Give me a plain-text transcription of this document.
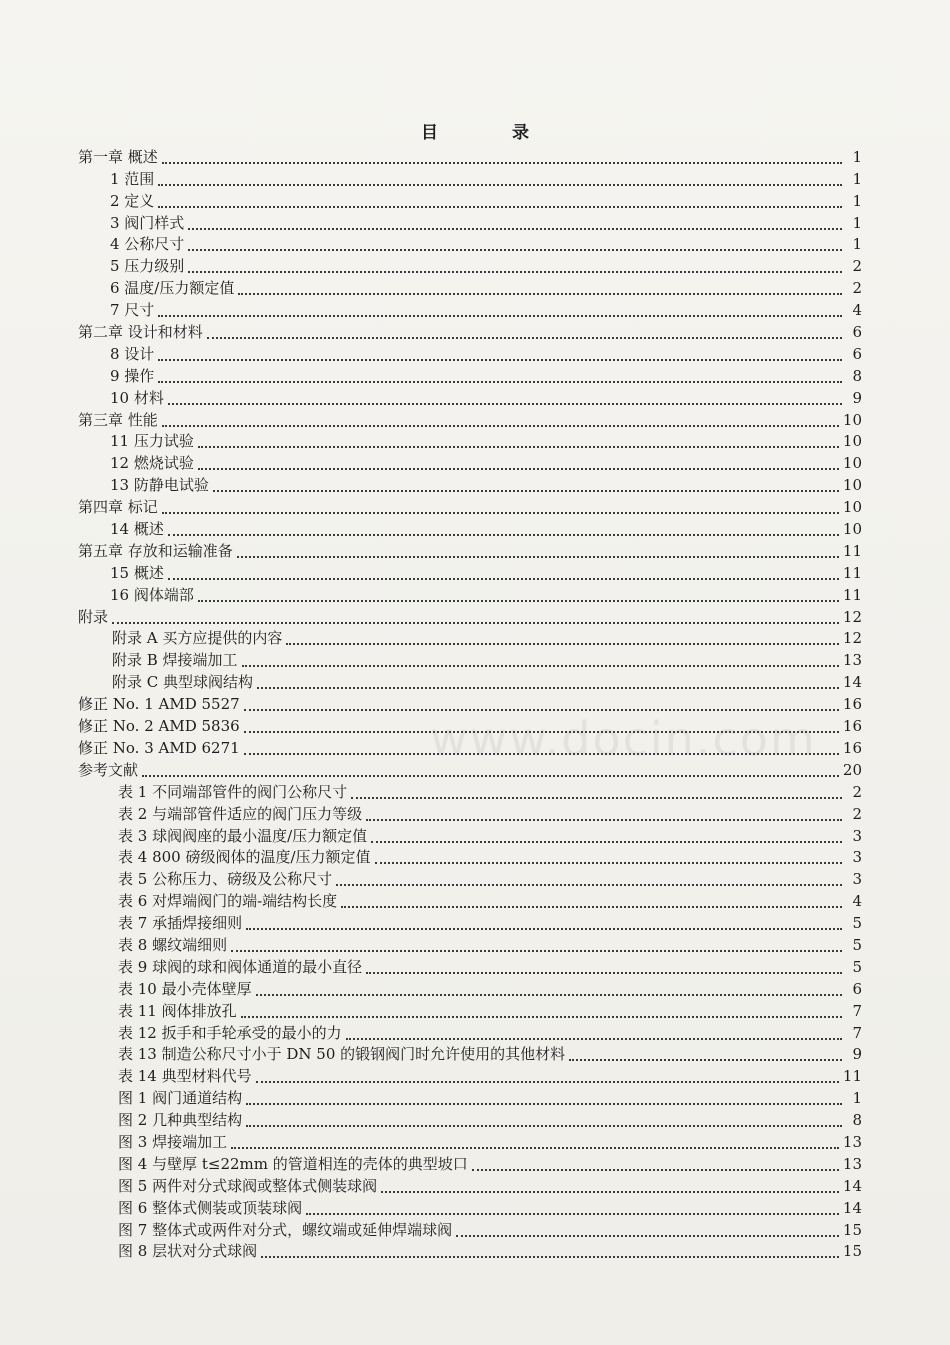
目 录
第一章 概述	1
1 范围	1
2 定义	1
3 阀门样式	1
4 公称尺寸	1
5 压力级别	2
6 温度/压力额定值	2
7 尺寸	4
第二章 设计和材料	6
8 设计	6
9 操作	8
10 材料	9
第三章 性能	10
11 压力试验	10
12 燃烧试验	10
13 防静电试验	10
第四章 标记	10
14 概述	10
第五章 存放和运输准备	11
15 概述	11
16 阀体端部	11
附录	12
附录 A 买方应提供的内容	12
附录 B 焊接端加工	13
附录 C 典型球阀结构	14
修正 No. 1 AMD 5527	16
修正 No. 2 AMD 5836	16
修正 No. 3 AMD 6271	16
参考文献	20
表 1 不同端部管件的阀门公称尺寸	2
表 2 与端部管件适应的阀门压力等级	2
表 3 球阀阀座的最小温度/压力额定值	3
表 4 800 磅级阀体的温度/压力额定值	3
表 5 公称压力、磅级及公称尺寸	3
表 6 对焊端阀门的端-端结构长度	4
表 7 承插焊接细则	5
表 8 螺纹端细则	5
表 9 球阀的球和阀体通道的最小直径	5
表 10 最小壳体壁厚	6
表 11 阀体排放孔	7
表 12 扳手和手轮承受的最小的力	7
表 13 制造公称尺寸小于 DN 50 的锻钢阀门时允许使用的其他材料	9
表 14 典型材料代号	11
图 1 阀门通道结构	1
图 2 几种典型结构	8
图 3 焊接端加工	13
图 4 与壁厚 t≤22mm 的管道相连的壳体的典型坡口	13
图 5 两件对分式球阀或整体式侧装球阀	14
图 6 整体式侧装或顶装球阀	14
图 7 整体式或两件对分式，螺纹端或延伸焊端球阀	15
图 8 层状对分式球阀	15
www.docin.com
